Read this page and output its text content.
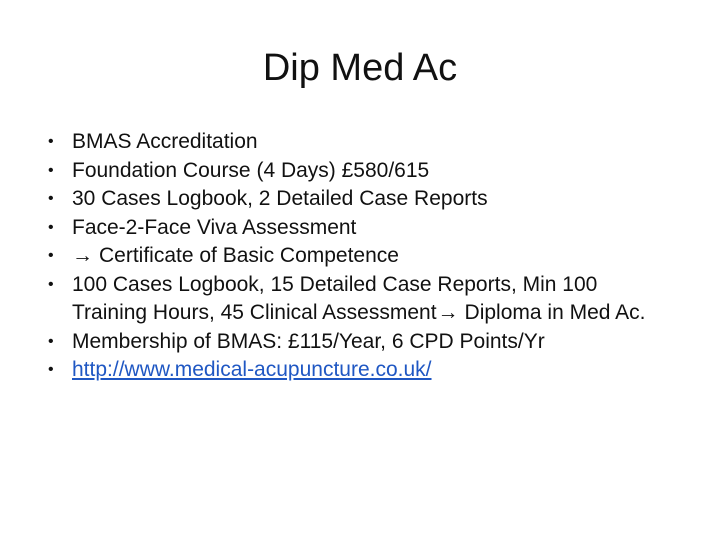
Dip Med Ac
• BMAS Accreditation
• Foundation Course (4 Days) £580/615
• 30 Cases Logbook, 2 Detailed Case Reports
• Face-2-Face Viva Assessment
• → Certificate of Basic Competence
• 100 Cases Logbook, 15 Detailed Case Reports, Min 100 Training Hours, 45 Clinical Assessment→ Diploma in Med Ac.
• Membership of BMAS: £115/Year, 6 CPD Points/Yr
• http://www.medical-acupuncture.co.uk/
